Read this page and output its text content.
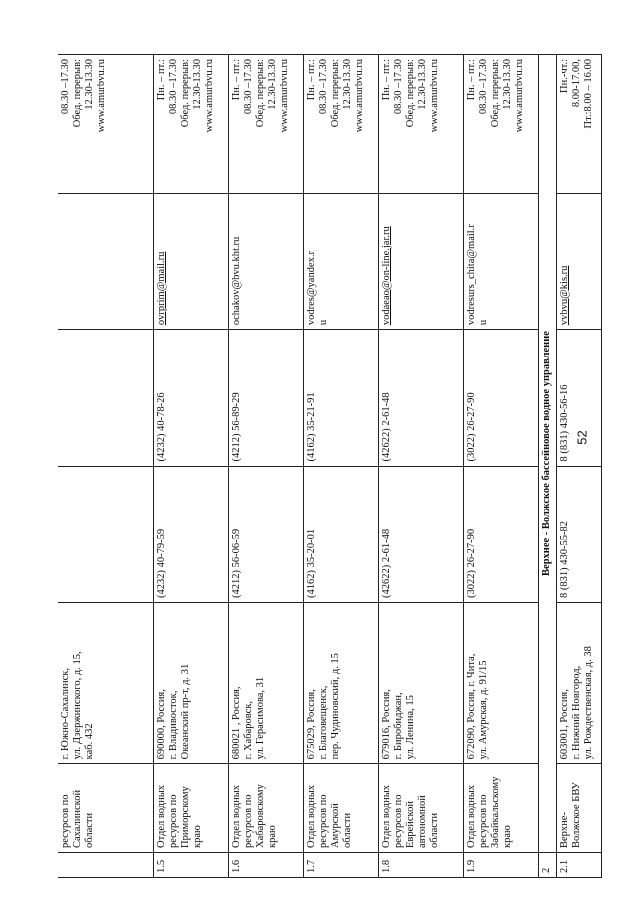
	ресурсов по Сахалинской области	г. Южно-Сахалинск, ул. Дзержинского, д. 15, каб. 432				08.30 –17.30 Обед. перерыв: 12.30-13.30 www.amurbvu.ru

1.5	Отдел водных ресурсов по Приморскому краю	690000, Россия, г. Владивосток, Океанский пр-т, д. 31	(4232) 40-79-59	(4232) 40-78-26	ovrprim@mail.ru	Пн. – пт.: 08.30 –17.30 Обед. перерыв: 12.30-13.30 www.amurbvu.ru

1.6	Отдел водных ресурсов по Хабаровскому краю	680021 , Россия, г. Хабаровск, ул. Герасимова, 31	(4212) 56-06-59	(4212) 56-89-29	ochakov@bvu.kht.ru	Пн. – пт.: 08.30 –17.30 Обед. перерыв: 12.30-13.30 www.amurbvu.ru

1.7	Отдел водных ресурсов по Амурской области	675029, Россия, г. Благовещенск, пер. Чудиновский, д. 15	(4162) 35-20-01	(4162) 35-21-91	vodres@yandex.r u	Пн. – пт.: 08.30 –17.30 Обед. перерыв: 12.30-13.30 www.amurbvu.ru

1.8	Отдел водных ресурсов по Еврейской автономной области	679016, Россия, г. Биробиджан, ул. Ленина, 15	(42622) 2-61-48	(42622) 2-61-48	vodaeao@on-line.jar.ru	Пн. – пт.: 08.30 –17.30 Обед. перерыв: 12.30-13.30 www.amurbvu.ru

1.9	Отдел водных ресурсов по Забайкальскому краю	672090, Россия, г. Чита, ул. Амурская, д. 91/15	(3022) 26-27-90	(3022) 26-27-90	vodresurs_chita@mail.r u	Пн. – пт.: 08.30 –17.30 Обед. перерыв: 12.30-13.30 www.amurbvu.ru

2	Верхнее - Волжское бассейновое водное управление					

2.1	Верхне- Волжское БВУ	603001, Россия, г. Нижний Новгород, ул. Рождественская, д. 38	8 (831) 430-55-82	8 (831) 430-56-16	vvbvu@kis.ru	Пн.-чт.: 8.00-17.00, Пт.:8.00 – 16.00
52
